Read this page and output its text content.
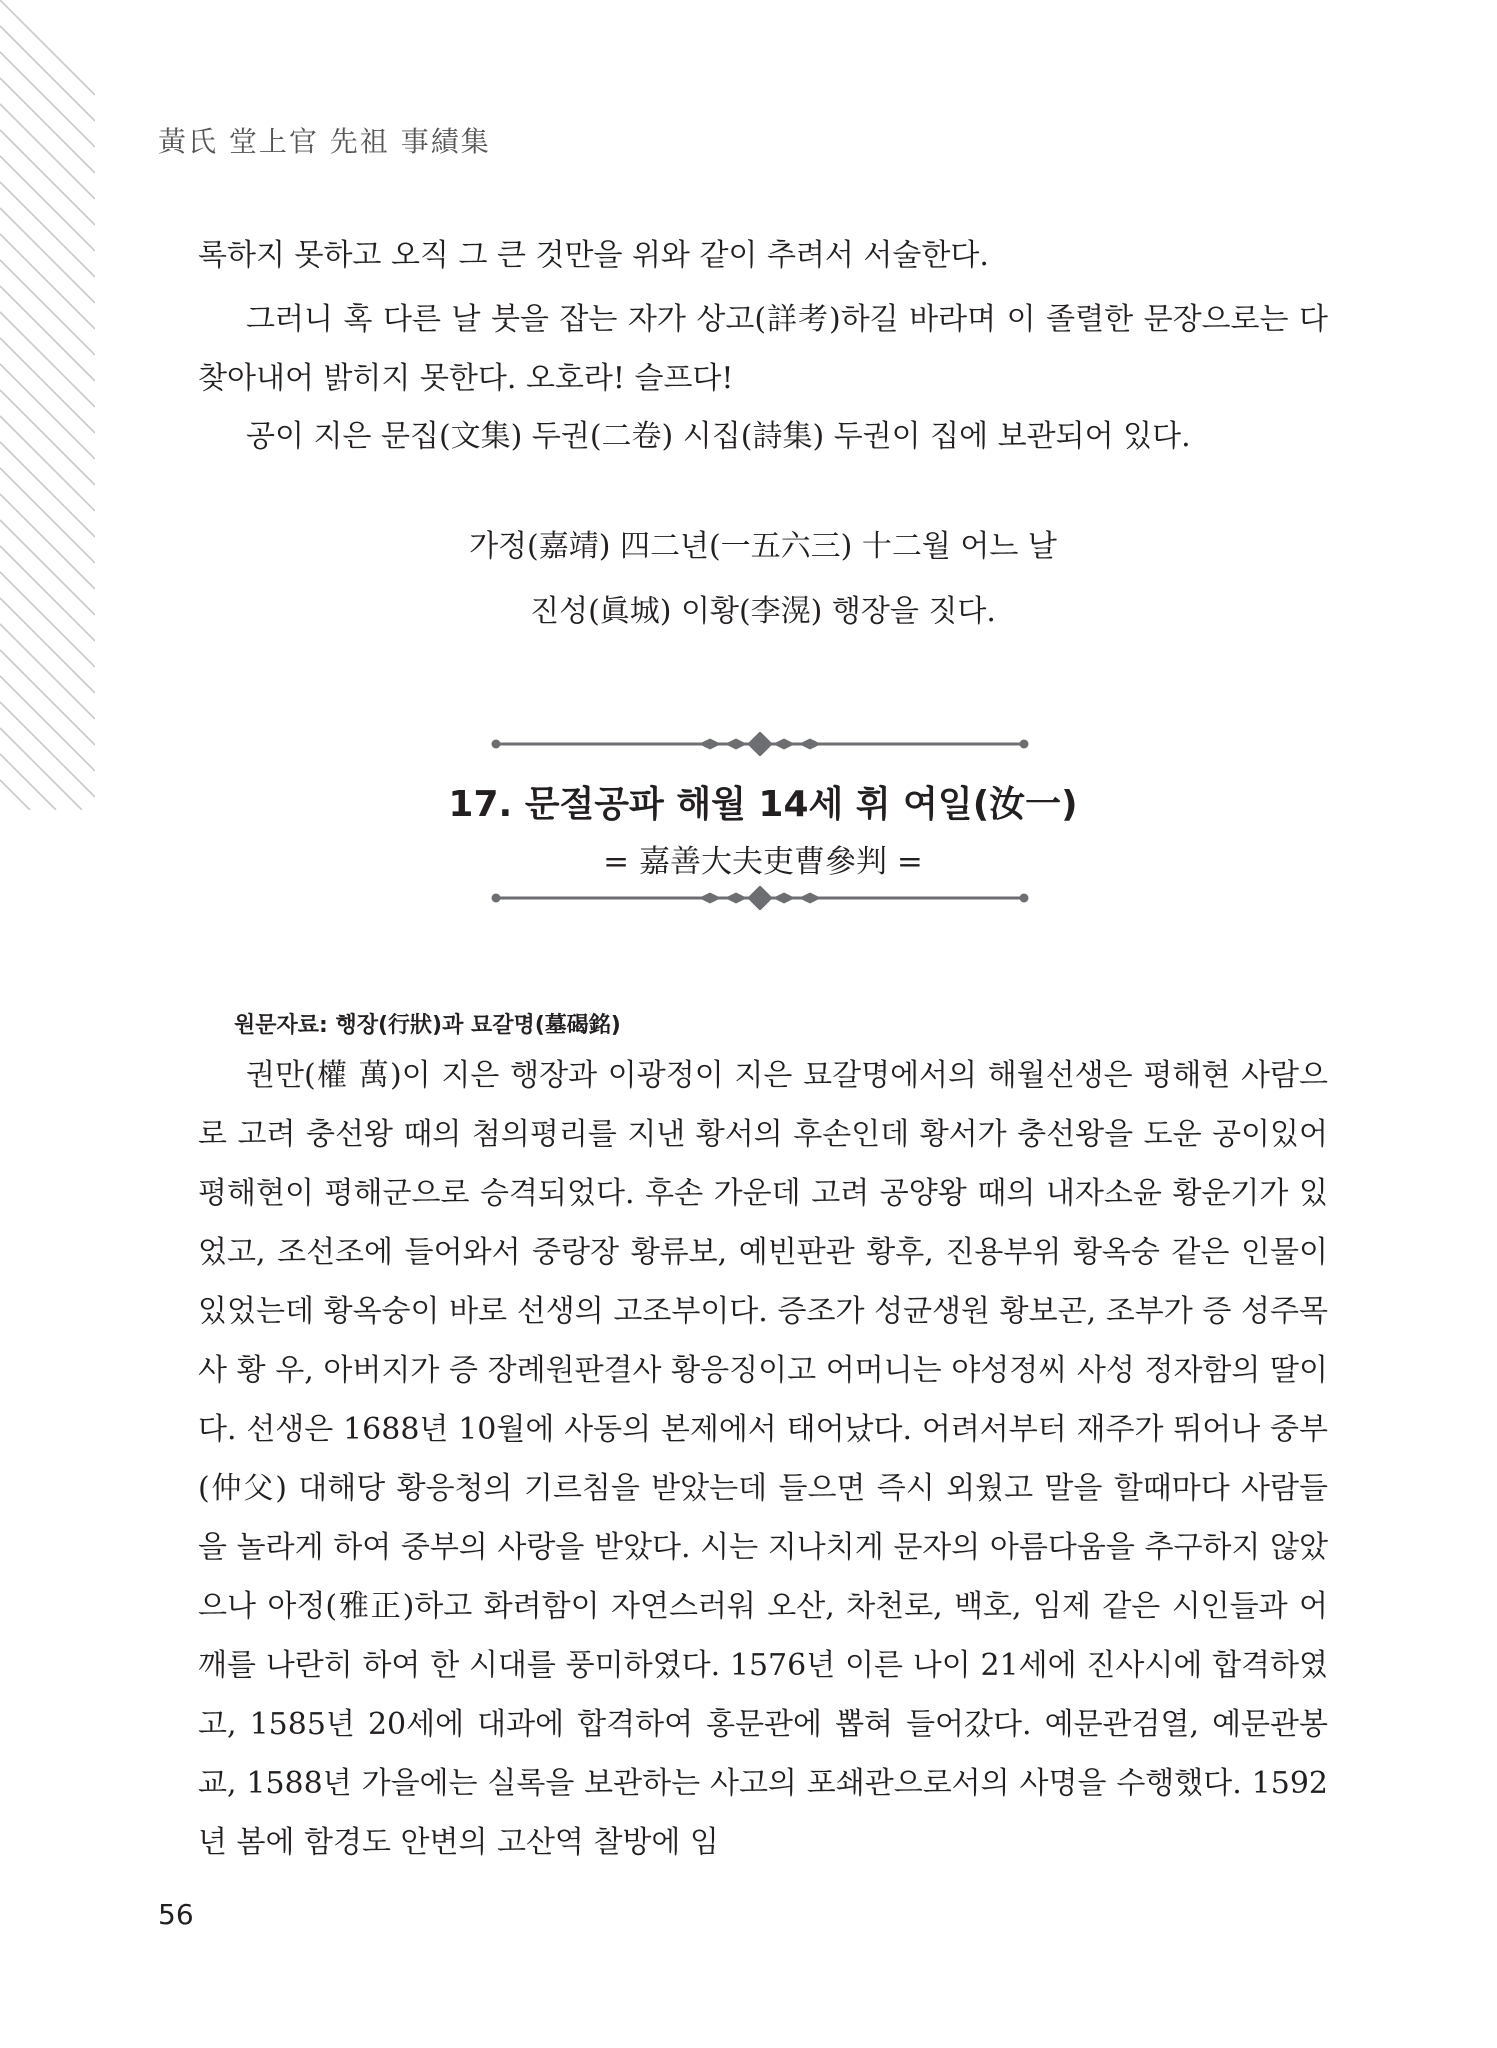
黃氏 堂上官 先祖 事績集

록하지 못하고 오직 그 큰 것만을 위와 같이 추려서 서술한다.

그러니 혹 다른 날 붓을 잡는 자가 상고(詳考)하길 바라며 이 졸렬한 문장으로는 다 찾아내어 밝히지 못한다. 오호라! 슬프다!

공이 지은 문집(文集) 두권(二卷) 시집(詩集) 두권이 집에 보관되어 있다.

가정(嘉靖) 四二년(一五六三) 十二월 어느 날
진성(眞城) 이황(李滉) 행장을 짓다.
17. 문절공파 해월 14세 휘 여일(汝一)
= 嘉善大夫吏曹參判 =
원문자료: 행장(行狀)과 묘갈명(墓碣銘)

권만(權 萬)이 지은 행장과 이광정이 지은 묘갈명에서의 해월선생은 평해현 사람으로 고려 충선왕 때의 첨의평리를 지낸 황서의 후손인데 황서가 충선왕을 도운 공이있어 평해현이 평해군으로 승격되었다. 후손 가운데 고려 공양왕 때의 내자소윤 황운기가 있었고, 조선조에 들어와서 중랑장 황류보, 예빈판관 황후, 진용부위 황옥숭 같은 인물이 있었는데 황옥숭이 바로 선생의 고조부이다. 증조가 성균생원 황보곤, 조부가 증 성주목사 황 우, 아버지가 증 장례원판결사 황응징이고 어머니는 야성정씨 사성 정자함의 딸이다. 선생은 1688년 10월에 사동의 본제에서 태어났다. 어려서부터 재주가 뛰어나 중부(仲父) 대해당 황응청의 기르침을 받았는데 들으면 즉시 외웠고 말을 할때마다 사람들을 놀라게 하여 중부의 사랑을 받았다. 시는 지나치게 문자의 아름다움을 추구하지 않았으나 아정(雅正)하고 화려함이 자연스러워 오산, 차천로, 백호, 임제 같은 시인들과 어깨를 나란히 하여 한 시대를 풍미하였다. 1576년 이른 나이 21세에 진사시에 합격하였고, 1585년 20세에 대과에 합격하여 홍문관에 뽑혀 들어갔다. 예문관검열, 예문관봉교, 1588년 가을에는 실록을 보관하는 사고의 포쇄관으로서의 사명을 수행했다. 1592년 봄에 함경도 안변의 고산역 찰방에 임

56
